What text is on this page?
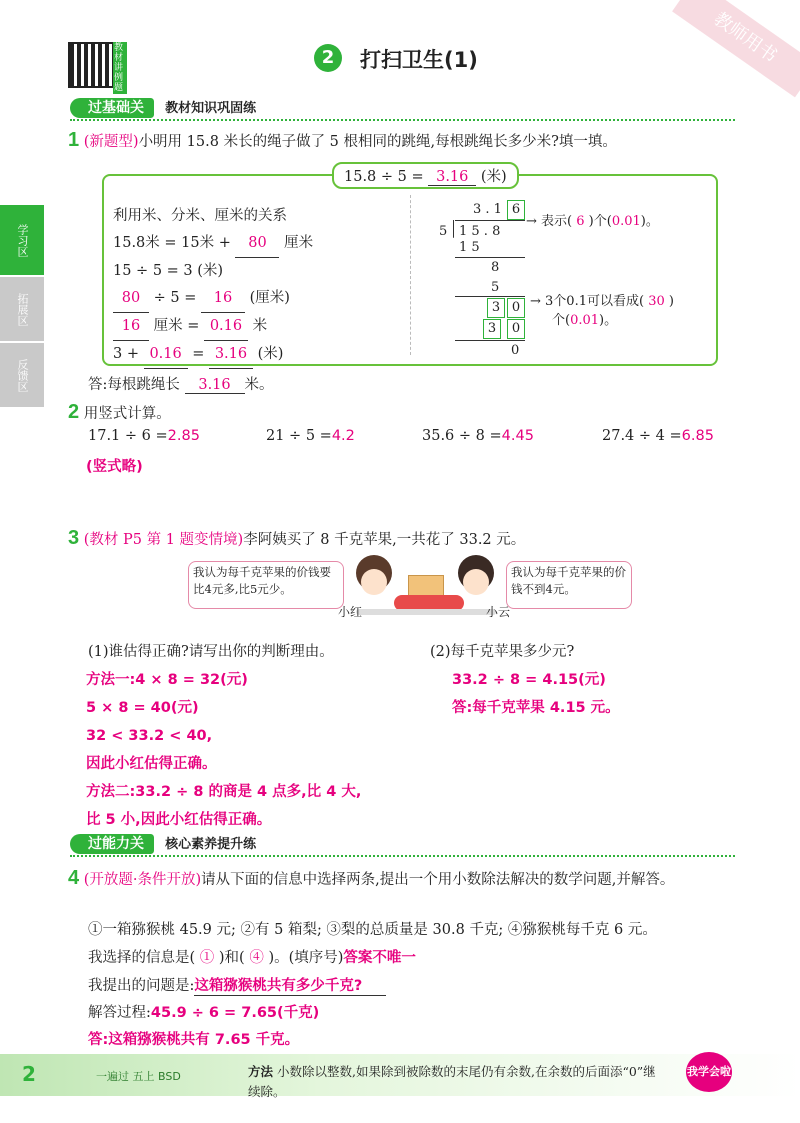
教师用书
教材讲例题
2	打扫卫生(1)
学习区
拓展区
反馈区
过基础关 教材知识巩固练
1 (新题型)小明用 15.8 米长的绳子做了 5 根相同的跳绳,每根跳绳长多少米?填一填。
15.8 ÷ 5 = 3.16 (米)
利用米、分米、厘米的关系
15.8米 = 15米 + 80 厘米
15 ÷ 5 = 3 (米)
80 ÷ 5 = 16 (厘米)
16 厘米 = 0.16 米
3 + 0.16 = 3.16 (米)
3 . 1 6
5 1 5 . 8
1 5
8
5
3 0
3	0
0
→ 表示( 6 )个(0.01)。
→ 3个0.1可以看成( 30 )
个(0.01)。
答:每根跳绳长 3.16 米。
2 用竖式计算。
17.1 ÷ 6 =2.85	21 ÷ 5 =4.2	35.6 ÷ 8 =4.45	27.4 ÷ 4 =6.85
(竖式略)
3 (教材 P5 第 1 题变情境)李阿姨买了 8 千克苹果,一共花了 33.2 元。
我认为每千克苹果的价钱要比4元多,比5元少。
小红	小云
我认为每千克苹果的价钱不到4元。
(1)谁估得正确?请写出你的判断理由。	(2)每千克苹果多少元?
方法一:4 × 8 = 32(元)
5 × 8 = 40(元)
32 < 33.2 < 40,
因此小红估得正确。
方法二:33.2 ÷ 8 的商是 4 点多,比 4 大,
比 5 小,因此小红估得正确。
33.2 ÷ 8 = 4.15(元)
答:每千克苹果 4.15 元。
过能力关 核心素养提升练
4 (开放题·条件开放)请从下面的信息中选择两条,提出一个用小数除法解决的数学问题,并解答。
①一箱猕猴桃 45.9 元; ②有 5 箱梨; ③梨的总质量是 30.8 千克; ④猕猴桃每千克 6 元。
我选择的信息是( ① )和( ④ )。(填序号)答案不唯一
我提出的问题是:这箱猕猴桃共有多少千克?
解答过程:45.9 ÷ 6 = 7.65(千克)
答:这箱猕猴桃共有 7.65 千克。
2	一遍过 五上 BSD	方法 小数除以整数,如果除到被除数的末尾仍有余数,在余数的后面添“0”继续除。
我学会啦
